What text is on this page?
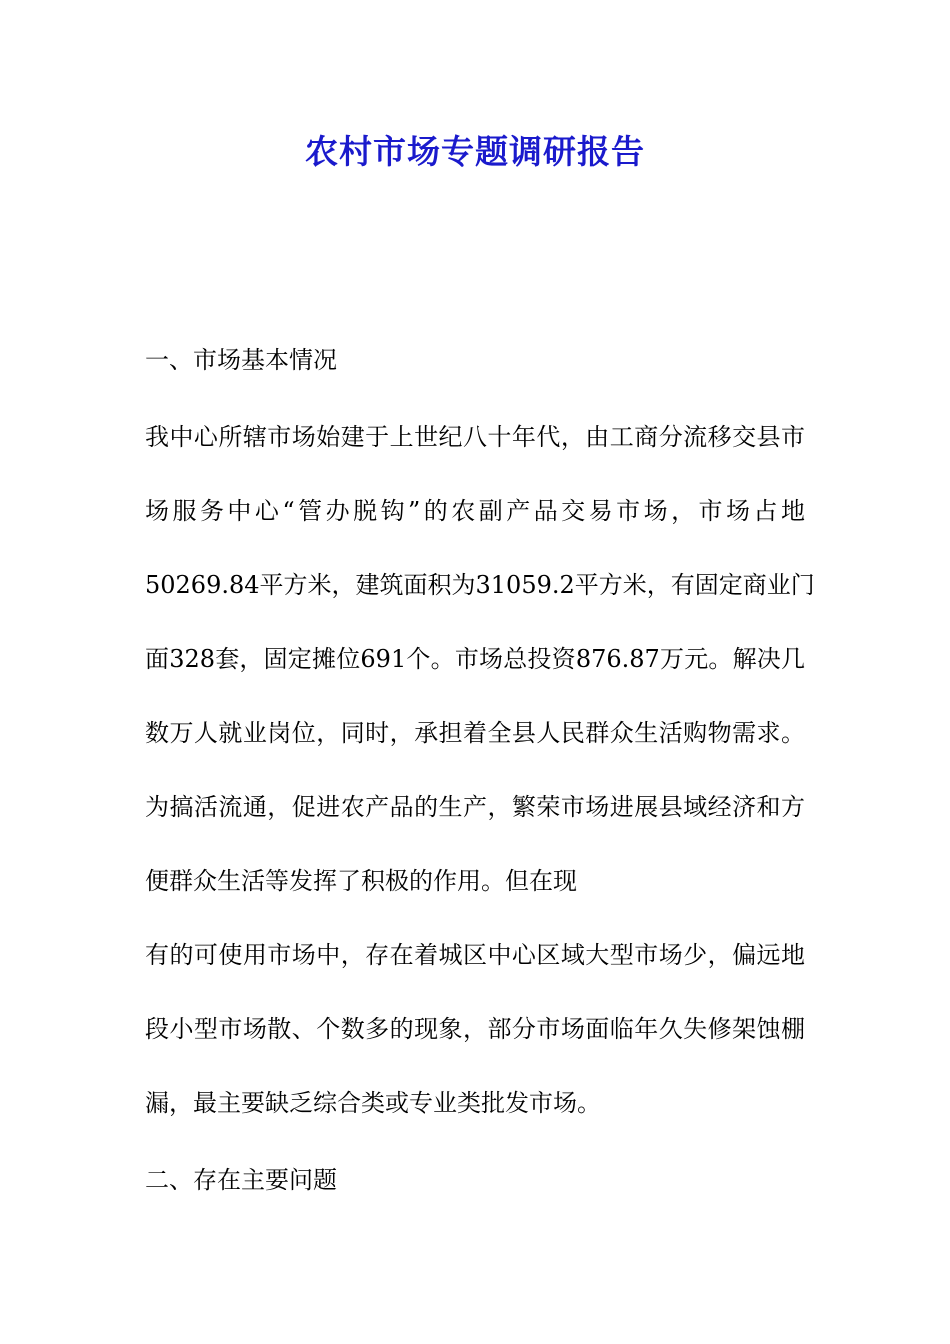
农村市场专题调研报告
一、市场基本情况
我中心所辖市场始建于上世纪八十年代，由工商分流移交县市
场服务中心“管办脱钩”的农副产品交易市场，市场占地
50269.84平方米，建筑面积为31059.2平方米，有固定商业门
面328套，固定摊位691个。市场总投资876.87万元。解决几
数万人就业岗位，同时，承担着全县人民群众生活购物需求。
为搞活流通，促进农产品的生产，繁荣市场进展县域经济和方
便群众生活等发挥了积极的作用。但在现
有的可使用市场中，存在着城区中心区域大型市场少，偏远地
段小型市场散、个数多的现象，部分市场面临年久失修架蚀棚
漏，最主要缺乏综合类或专业类批发市场。
二、存在主要问题
